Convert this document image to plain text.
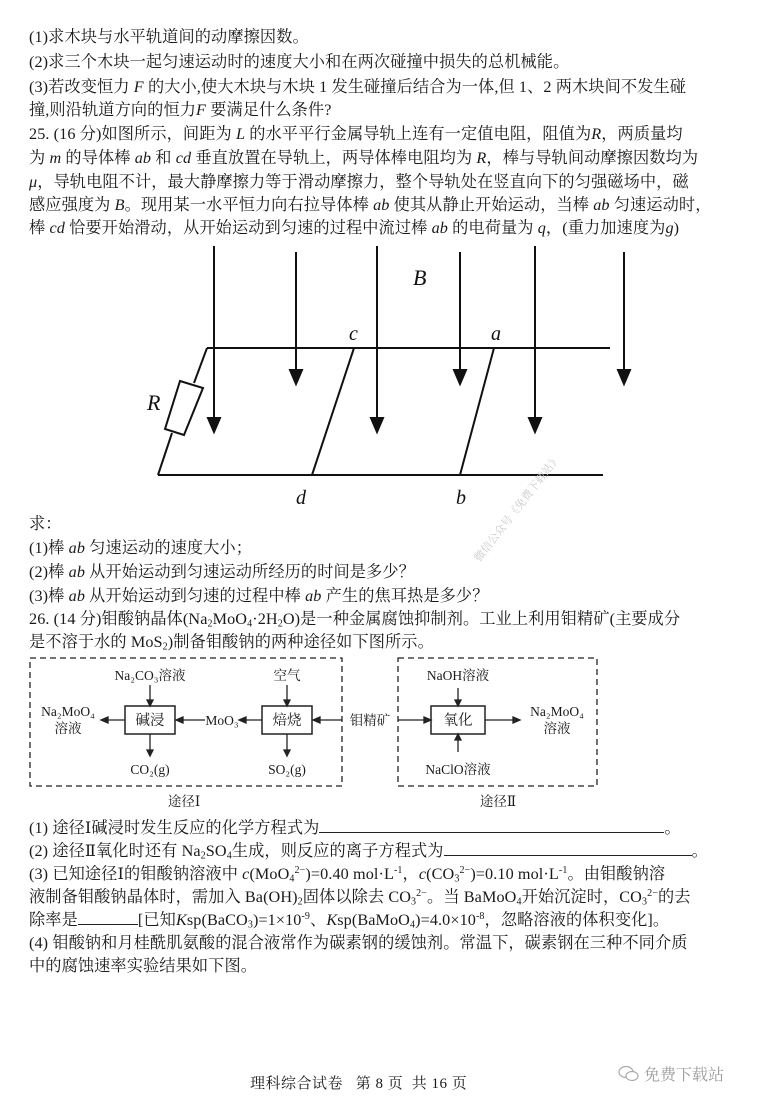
(1)求木块与水平轨道间的动摩擦因数。
(2)求三个木块一起匀速运动时的速度大小和在两次碰撞中损失的总机械能。
(3)若改变恒力 F 的大小,使大木块与木块 1 发生碰撞后结合为一体,但 1、2 两木块间不发生碰
撞,则沿轨道方向的恒力F 要满足什么条件?
25. (16 分)如图所示，间距为 L 的水平平行金属导轨上连有一定值电阻，阻值为R，两质量均
为 m 的导体棒 ab 和 cd 垂直放置在导轨上，两导体棒电阻均为 R，棒与导轨间动摩擦因数均为
μ，导轨电阻不计，最大静摩擦力等于滑动摩擦力，整个导轨处在竖直向下的匀强磁场中，磁
感应强度为 B。现用某一水平恒力向右拉导体棒 ab 使其从静止开始运动，当棒 ab 匀速运动时，
棒 cd 恰要开始滑动，从开始运动到匀速的过程中流过棒 ab 的电荷量为 q，(重力加速度为g)
B
R
c	a
d	b
求：
(1)棒 ab 匀速运动的速度大小；
(2)棒 ab 从开始运动到匀速运动所经历的时间是多少？
(3)棒 ab 从开始运动到匀速的过程中棒 ab 产生的焦耳热是多少？
26. (14 分)钼酸钠晶体$(Na_2MoO_4\cdot 2H_2O)$是一种金属腐蚀抑制剂。工业上利用钼精矿(主要成分
是不溶于水的 MoS$_2$)制备钼酸钠的两种途径如下图所示。
Na₂CO₃溶液	空气
碱浸	焙烧
MoO₃
Na₂MoO₄
溶液
CO₂(g)	SO₂(g)
途径Ⅰ
钼精矿
NaOH溶液
氧化
NaClO溶液
Na₂MoO₄
溶液
途径Ⅱ
(1) 途径Ⅰ碱浸时发生反应的化学方程式为	。
(2) 途径Ⅱ氧化时还有 $Na_2SO_4$生成，则反应的离子方程式为	。
(3) 已知途径Ⅰ的钼酸钠溶液中 c(MoO$_4^{2-}$)=0.40 $mol\cdot L^{-1}$，$c(CO_3^{2-})=0.10$ $mol\cdot L^{-1}$。由钼酸钠溶
液制备钼酸钠晶体时，需加入 $Ba(OH)_2$固体以除去 $CO_3^{2-}$。当 BaMoO$_4$开始沉淀时，$CO_3^{2-}$的去
除率是	[已知$Ksp(BaCO_3)=1\times 10^{-9}$、$Ksp(BaMoO_4)=4.0\times 10^{-8}$，忽略溶液的体积变化]。
(4) 钼酸钠和月桂酰肌氨酸的混合液常作为碳素钢的缓蚀剂。常温下，碳素钢在三种不同介质
中的腐蚀速率实验结果如下图。
微信公众号《免费下载站》
免费下载站
理科综合试卷   第 8 页  共 16 页
